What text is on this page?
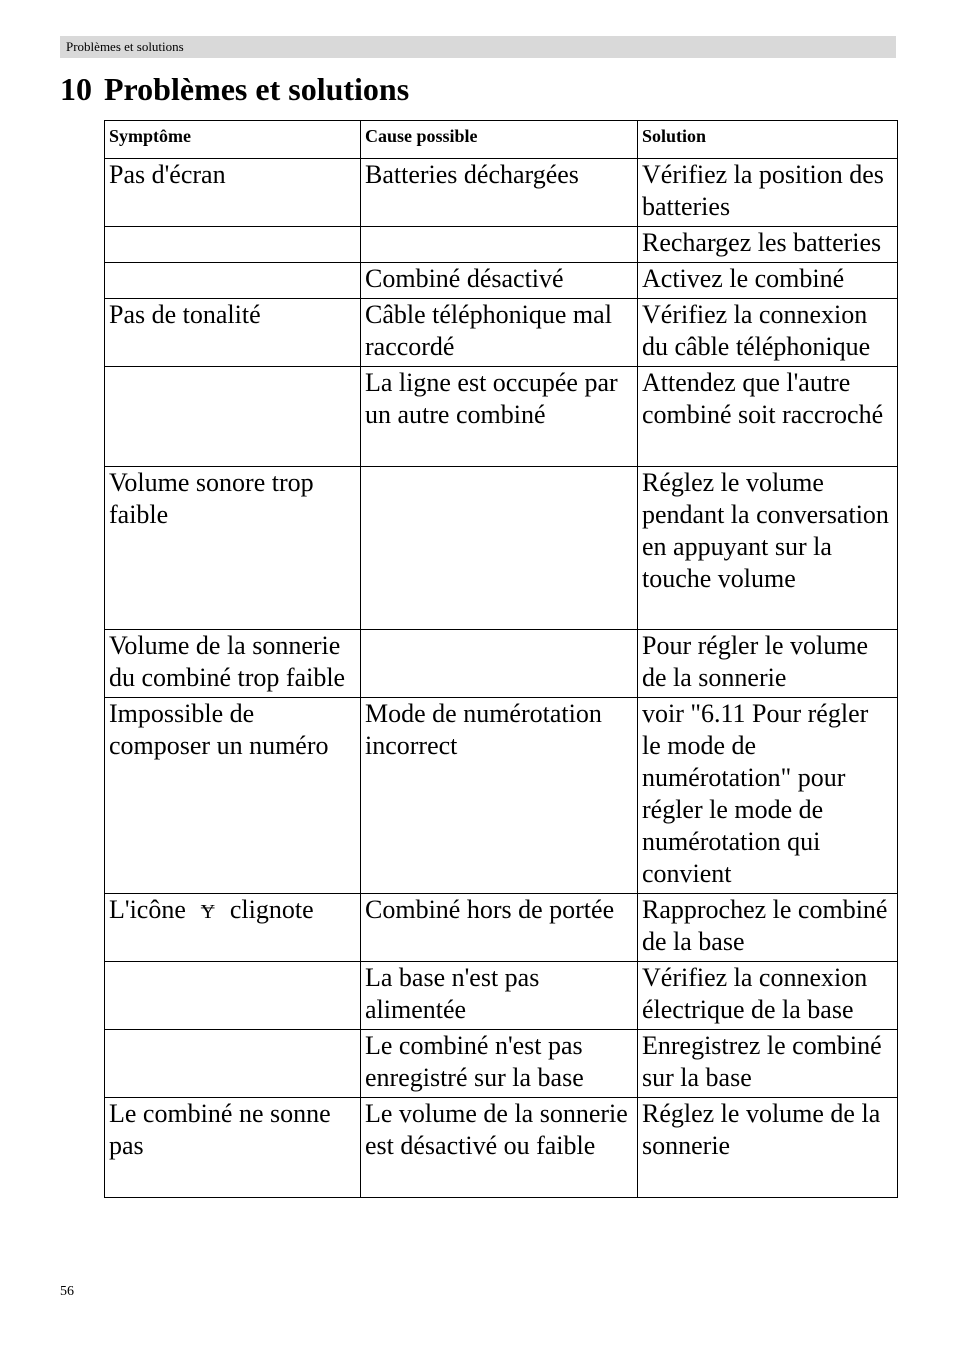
Problèmes et solutions
10 Problèmes et solutions
Symptôme	Cause possible	Solution
Pas d'écran	Batteries déchargées	Vérifiez la position des batteries
		Rechargez les batteries
	Combiné désactivé	Activez le combiné
Pas de tonalité	Câble téléphonique mal raccordé	Vérifiez la connexion du câble téléphonique
	La ligne est occupée par un autre combiné	Attendez que l'autre combiné soit raccroché
Volume sonore trop faible		Réglez le volume pendant la conversation en appuyant sur la touche volume
Volume de la sonnerie du combiné trop faible		Pour régler le volume de la sonnerie
Impossible de composer un numéro	Mode de numérotation incorrect	voir "6.11 Pour régler le mode de numérotation" pour régler le mode de numérotation qui convient
L'icône Ɏ clignote	Combiné hors de portée	Rapprochez le combiné de la base
	La base n'est pas alimentée	Vérifiez la connexion électrique de la base
	Le combiné n'est pas enregistré sur la base	Enregistrez le combiné sur la base
Le combiné ne sonne pas	Le volume de la sonnerie est désactivé ou faible	Réglez le volume de la sonnerie
56
